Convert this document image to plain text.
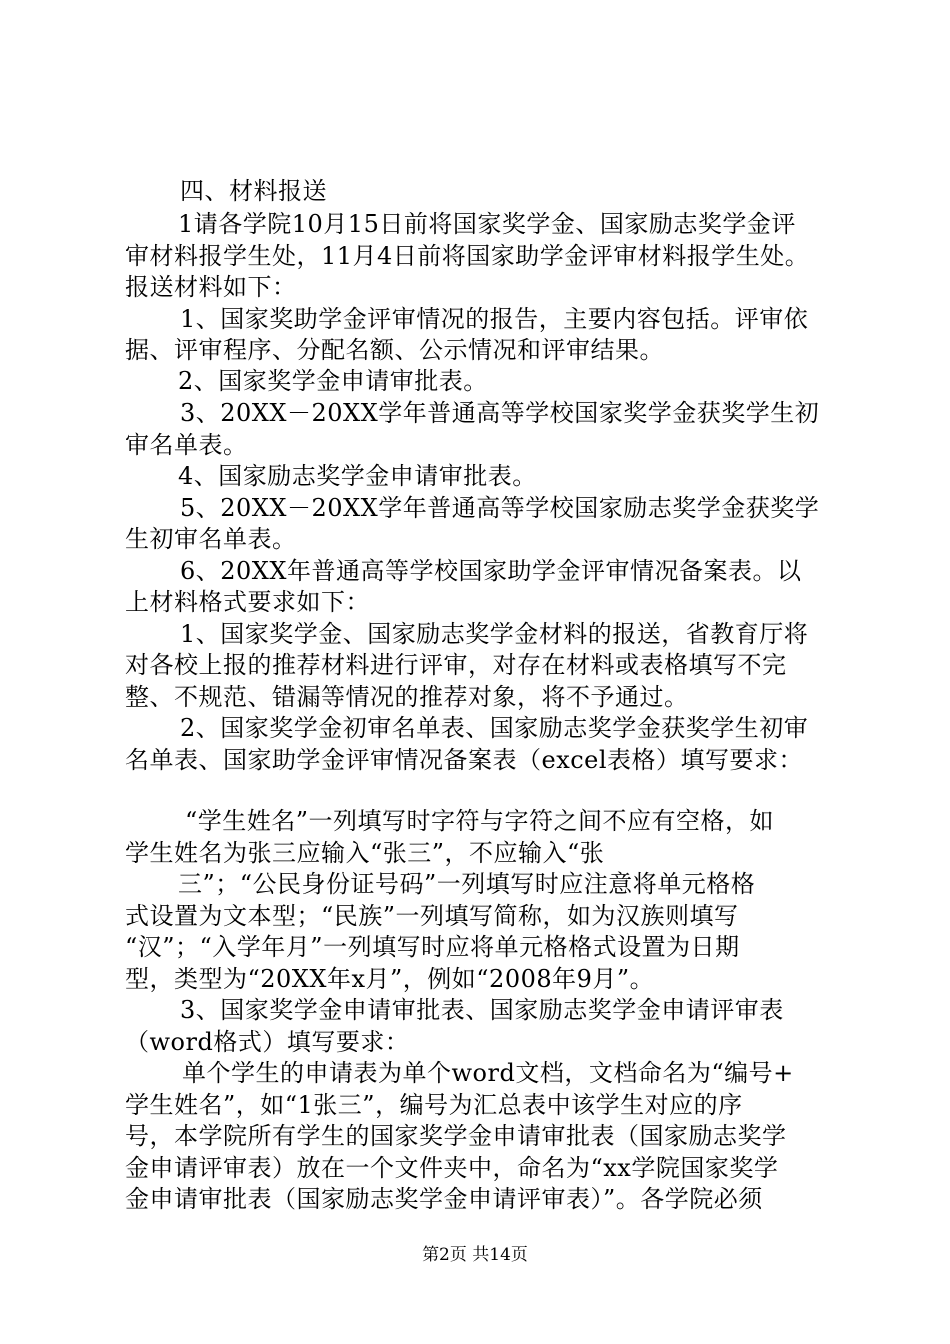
四、材料报送
1请各学院10月15日前将国家奖学金、国家励志奖学金评
审材料报学生处，11月4日前将国家助学金评审材料报学生处。
报送材料如下：
1、国家奖助学金评审情况的报告，主要内容包括。评审依
据、评审程序、分配名额、公示情况和评审结果。
2、国家奖学金申请审批表。
3、20XX－20XX学年普通高等学校国家奖学金获奖学生初
审名单表。
4、国家励志奖学金申请审批表。
5、20XX－20XX学年普通高等学校国家励志奖学金获奖学
生初审名单表。
6、20XX年普通高等学校国家助学金评审情况备案表。以
上材料格式要求如下：
1、国家奖学金、国家励志奖学金材料的报送，省教育厅将
对各校上报的推荐材料进行评审，对存在材料或表格填写不完
整、不规范、错漏等情况的推荐对象，将不予通过。
2、国家奖学金初审名单表、国家励志奖学金获奖学生初审
名单表、国家助学金评审情况备案表（excel表格）填写要求：
“学生姓名”一列填写时字符与字符之间不应有空格，如
学生姓名为张三应输入“张三”，不应输入“张
三”；“公民身份证号码”一列填写时应注意将单元格格
式设置为文本型；“民族”一列填写简称，如为汉族则填写
“汉”；“入学年月”一列填写时应将单元格格式设置为日期
型，类型为“20XX年x月”，例如“2008年9月”。
3、国家奖学金申请审批表、国家励志奖学金申请评审表
（word格式）填写要求：
单个学生的申请表为单个word文档，文档命名为“编号+
学生姓名”，如“1张三”，编号为汇总表中该学生对应的序
号，本学院所有学生的国家奖学金申请审批表（国家励志奖学
金申请评审表）放在一个文件夹中，命名为“xx学院国家奖学
金申请审批表（国家励志奖学金申请评审表）”。各学院必须
第2页 共14页
